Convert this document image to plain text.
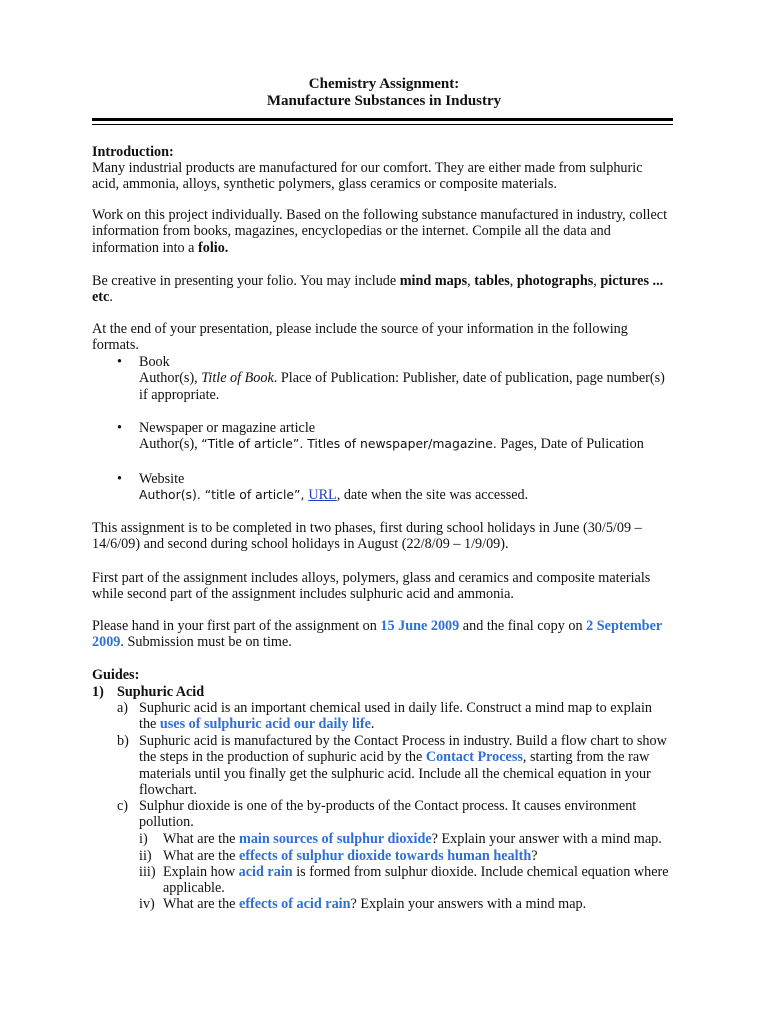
Chemistry Assignment:
Manufacture Substances in Industry
Introduction:

Many industrial products are manufactured for our comfort. They are either made from sulphuric

acid, ammonia, alloys, synthetic polymers, glass ceramics or composite materials.

Work on this project individually. Based on the following substance manufactured in industry, collect

information from books, magazines, encyclopedias or the internet. Compile all the data and

information into a folio.

Be creative in presenting your folio. You may include mind maps, tables, photographs, pictures ...

etc.

At the end of your presentation, please include the source of your information in the following

formats.

• Book

Author(s), Title of Book. Place of Publication: Publisher, date of publication, page number(s)

if appropriate.

• Newspaper or magazine article

Author(s), “Title of article”. Titles of newspaper/magazine. Pages, Date of Pulication

• Website

Author(s). “title of article”, URL, date when the site was accessed.

This assignment is to be completed in two phases, first during school holidays in June (30/5/09 –

14/6/09) and second during school holidays in August (22/8/09 – 1/9/09).

First part of the assignment includes alloys, polymers, glass and ceramics and composite materials

while second part of the assignment includes sulphuric acid and ammonia.

Please hand in your first part of the assignment on 15 June 2009 and the final copy on 2 September

2009. Submission must be on time.

Guides:
1) Suphuric Acid
a) Suphuric acid is an important chemical used in daily life. Construct a mind map to explain

the uses of sulphuric acid our daily life.

b) Suphuric acid is manufactured by the Contact Process in industry. Build a flow chart to show

the steps in the production of suphuric acid by the Contact Process, starting from the raw

materials until you finally get the sulphuric acid. Include all the chemical equation in your

flowchart.

c) Sulphur dioxide is one of the by-products of the Contact process. It causes environment

pollution.

i) What are the main sources of sulphur dioxide? Explain your answer with a mind map.
ii) What are the effects of sulphur dioxide towards human health?
iii) Explain how acid rain is formed from sulphur dioxide. Include chemical equation where

applicable.

iv) What are the effects of acid rain? Explain your answers with a mind map.
